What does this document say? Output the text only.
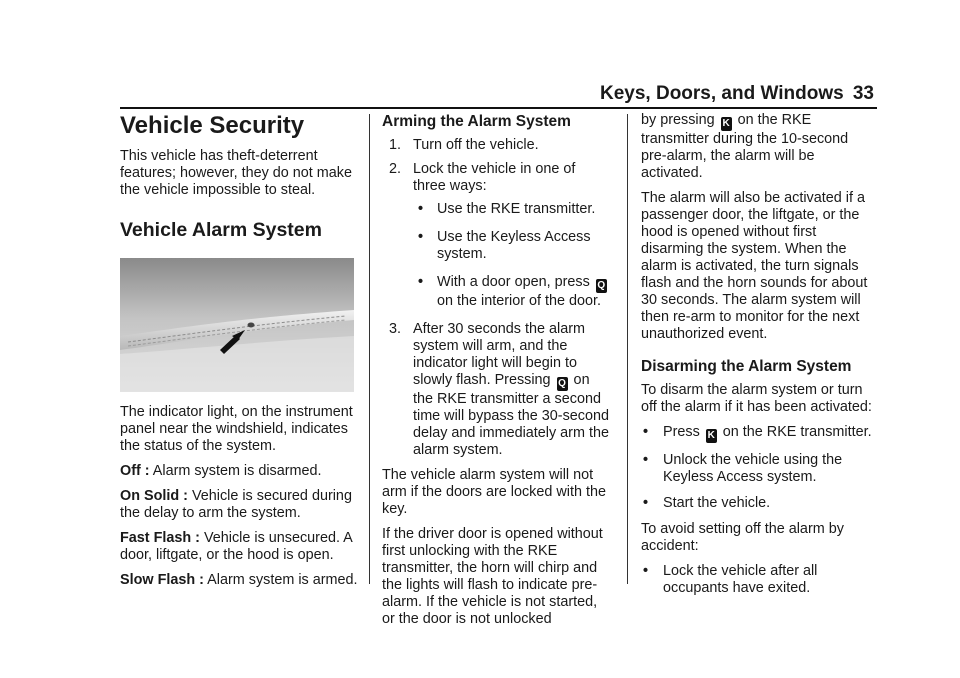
Keys, Doors, and Windows 33
Vehicle Security

This vehicle has theft-deterrent features; however, they do not make the vehicle impossible to steal.

Vehicle Alarm System

The indicator light, on the instrument panel near the windshield, indicates the status of the system.

Off : Alarm system is disarmed.

On Solid : Vehicle is secured during the delay to arm the system.

Fast Flash : Vehicle is unsecured. A door, liftgate, or the hood is open.

Slow Flash : Alarm system is armed.

Arming the Alarm System
1. Turn off the vehicle.
2. Lock the vehicle in one of three ways:
• Use the RKE transmitter.
• Use the Keyless Access system.
• With a door open, press Q on the interior of the door.
3. After 30 seconds the alarm system will arm, and the indicator light will begin to slowly flash. Pressing Q on the RKE transmitter a second time will bypass the 30-second delay and immediately arm the alarm system.

The vehicle alarm system will not arm if the doors are locked with the key.

If the driver door is opened without first unlocking with the RKE transmitter, the horn will chirp and the lights will flash to indicate pre-alarm. If the vehicle is not started, or the door is not unlocked

by pressing K on the RKE transmitter during the 10-second pre-alarm, the alarm will be activated.

The alarm will also be activated if a passenger door, the liftgate, or the hood is opened without first disarming the system. When the alarm is activated, the turn signals flash and the horn sounds for about 30 seconds. The alarm system will then re-arm to monitor for the next unauthorized event.

Disarming the Alarm System

To disarm the alarm system or turn off the alarm if it has been activated:

• Press K on the RKE transmitter.
• Unlock the vehicle using the Keyless Access system.
• Start the vehicle.

To avoid setting off the alarm by accident:

• Lock the vehicle after all occupants have exited.
